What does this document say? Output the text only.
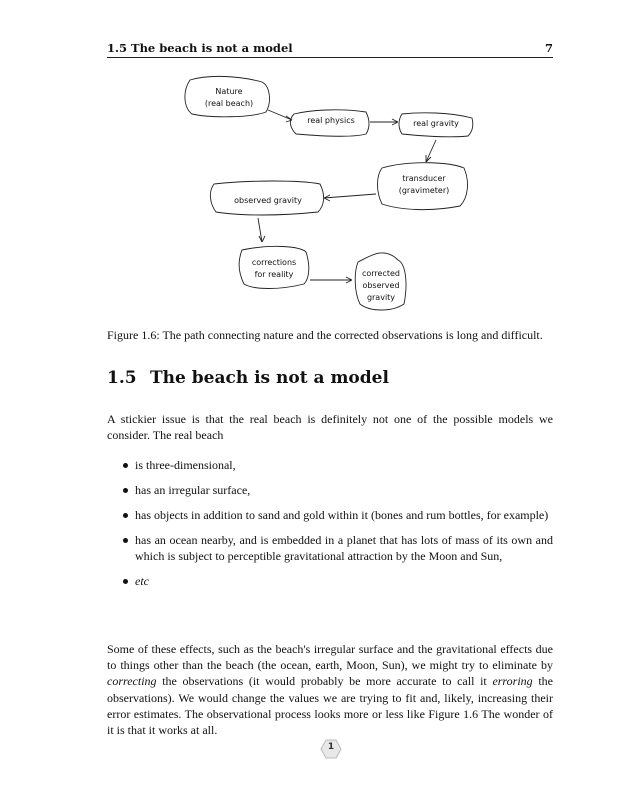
1.5 The beach is not a model	7
Nature
(real beach)
real physics	real gravity
transducer
(gravimeter)
observed gravity
corrections
for reality	corrected
observed
gravity
Figure 1.6: The path connecting nature and the corrected observations is long and difficult.
1.5 The beach is not a model
A stickier issue is that the real beach is definitely not one of the possible models we consider. The real beach
is three-dimensional,
has an irregular surface,
has objects in addition to sand and gold within it (bones and rum bottles, for example)
has an ocean nearby, and is embedded in a planet that has lots of mass of its own and which is subject to perceptible gravitational attraction by the Moon and Sun,
etc
Some of these effects, such as the beach's irregular surface and the gravitational effects due to things other than the beach (the ocean, earth, Moon, Sun), we might try to eliminate by correcting the observations (it would probably be more accurate to call it erroring the observations). We would change the values we are trying to fit and, likely, increasing their error estimates. The observational process looks more or less like Figure 1.6 The wonder of it is that it works at all.
1
